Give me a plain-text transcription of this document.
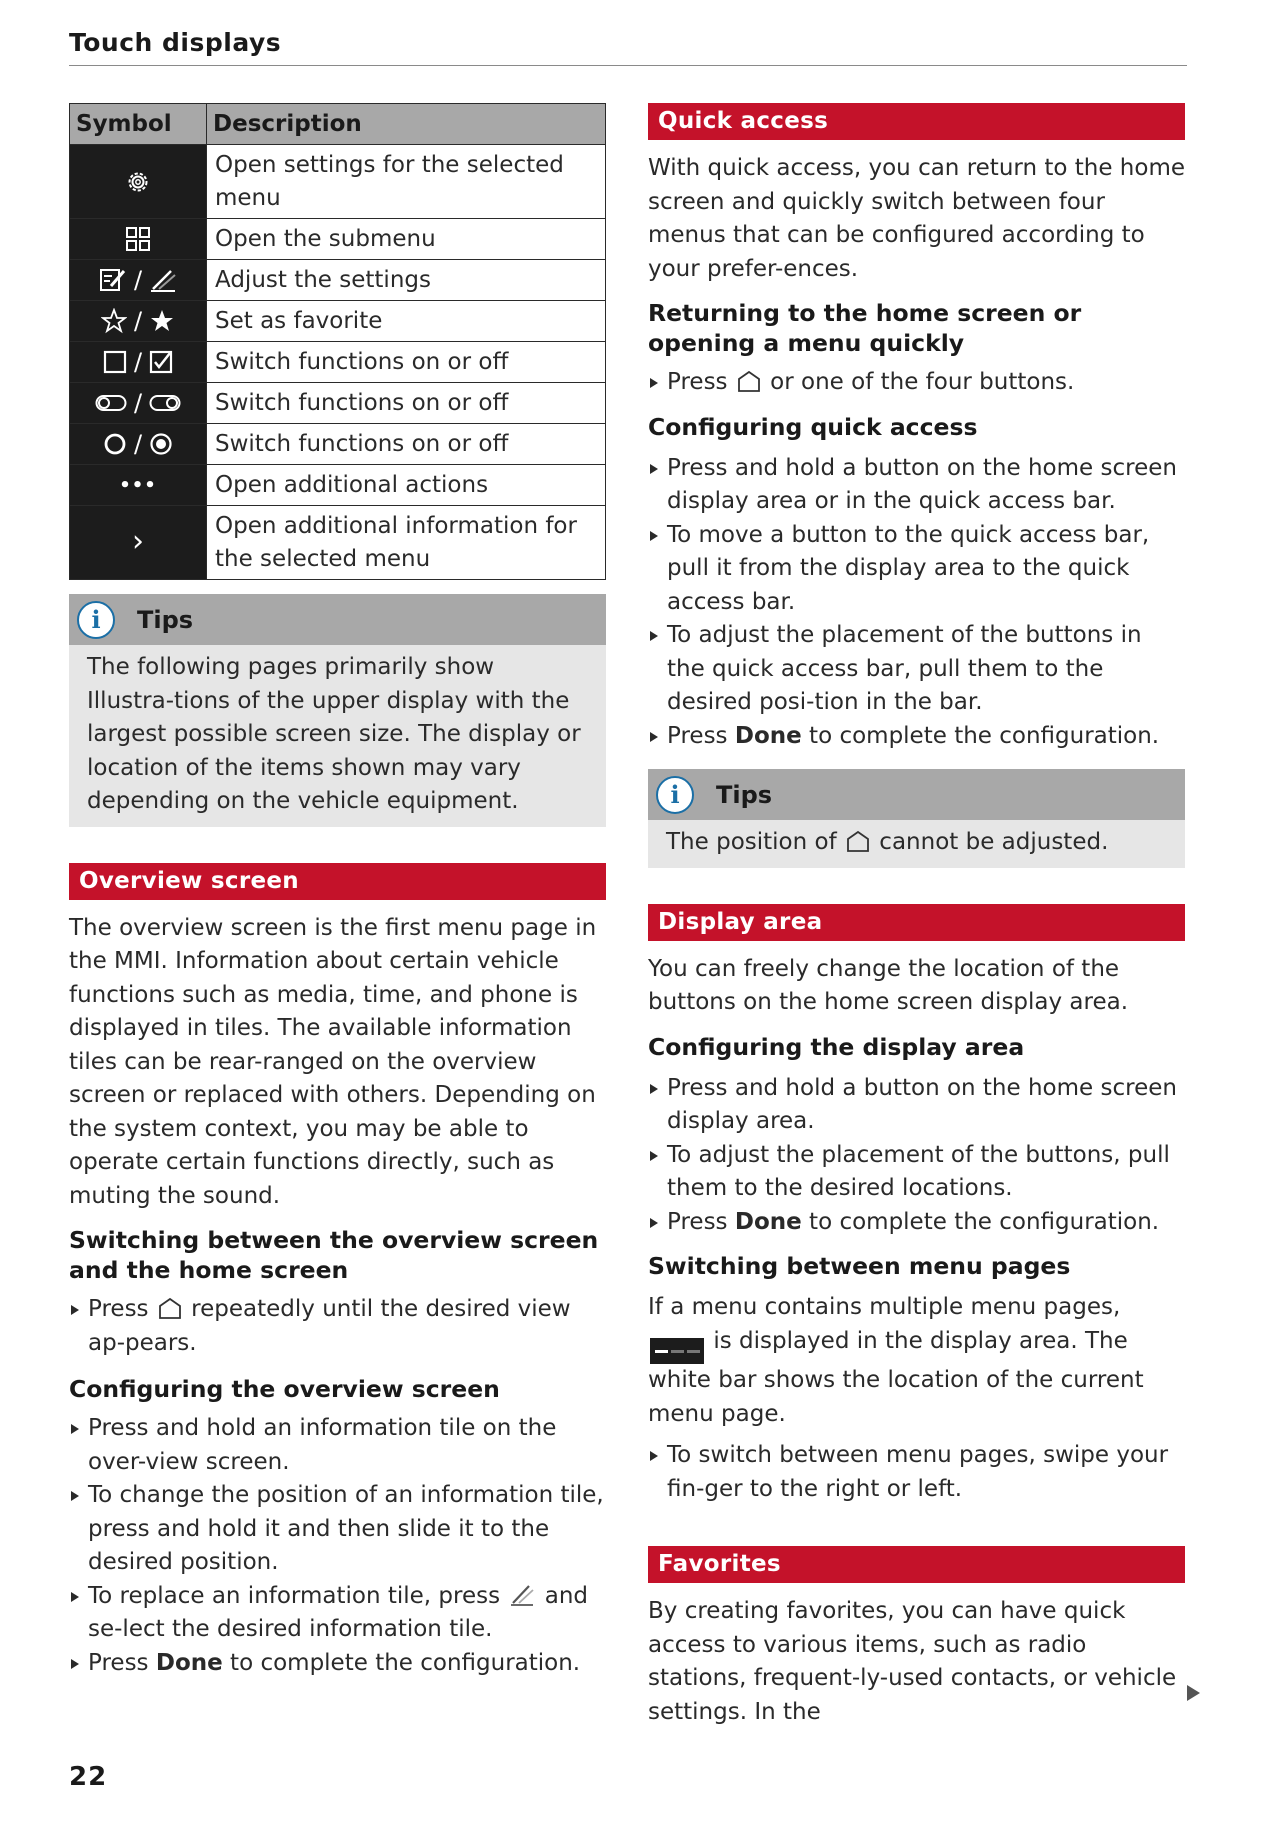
Touch displays
Symbol	Description
	Open settings for the selected menu
	Open the submenu
/	Adjust the settings
/	Set as favorite
/	Switch functions on or off
/	Switch functions on or off
/	Switch functions on or off
•••	Open additional actions
›	Open additional information for the selected menu
i	Tips
The following pages primarily show Illustra-tions of the upper display with the largest possible screen size. The display or location of the items shown may vary depending on the vehicle equipment.
Overview screen

The overview screen is the first menu page in the MMI. Information about certain vehicle functions such as media, time, and phone is displayed in tiles. The available information tiles can be rear-ranged on the overview screen or replaced with others. Depending on the system context, you may be able to operate certain functions directly, such as muting the sound.

Switching between the overview screen and the home screen
Press repeatedly until the desired view ap-pears.
Configuring the overview screen
Press and hold an information tile on the over-view screen.
To change the position of an information tile, press and hold it and then slide it to the desired position.
To replace an information tile, press and se-lect the desired information tile.
Press Done to complete the configuration.
Quick access

With quick access, you can return to the home screen and quickly switch between four menus that can be configured according to your prefer-ences.

Returning to the home screen or opening a menu quickly
Press or one of the four buttons.
Configuring quick access
Press and hold a button on the home screen display area or in the quick access bar.
To move a button to the quick access bar, pull it from the display area to the quick access bar.
To adjust the placement of the buttons in the quick access bar, pull them to the desired posi-tion in the bar.
Press Done to complete the configuration.
i	Tips
The position of cannot be adjusted.
Display area

You can freely change the location of the buttons on the home screen display area.

Configuring the display area
Press and hold a button on the home screen display area.
To adjust the placement of the buttons, pull them to the desired locations.
Press Done to complete the configuration.
Switching between menu pages

If a menu contains multiple menu pages,
is displayed in the display area. The white bar shows the location of the current menu page.

To switch between menu pages, swipe your fin-ger to the right or left.
Favorites

By creating favorites, you can have quick access to various items, such as radio stations, frequent-ly-used contacts, or vehicle settings. In the

22
